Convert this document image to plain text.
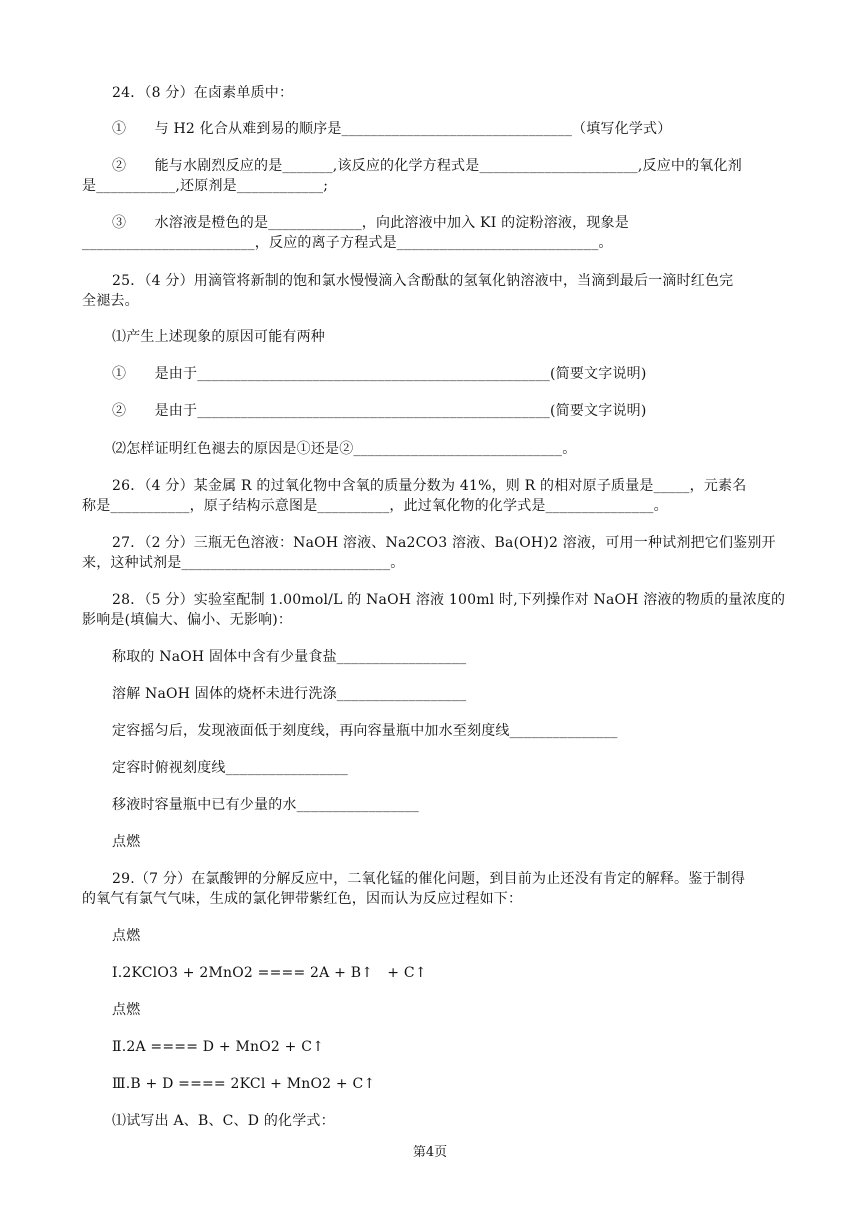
24．（8 分）在卤素单质中：
①　　与 H2 化合从难到易的顺序是________________________________（填写化学式）
②　　能与水剧烈反应的是_______,该反应的化学方程式是______________________,反应中的氧化剂
是___________,还原剂是____________;
③　　水溶液是橙色的是_____________，向此溶液中加入 KI 的淀粉溶液，现象是
________________________，反应的离子方程式是____________________________。
25．（4 分）用滴管将新制的饱和氯水慢慢滴入含酚酞的氢氧化钠溶液中，当滴到最后一滴时红色完
全褪去。
⑴产生上述现象的原因可能有两种
①　　是由于_________________________________________________(简要文字说明)
②　　是由于_________________________________________________(简要文字说明)
⑵怎样证明红色褪去的原因是①还是②_____________________________。
26．（4 分）某金属 R 的过氧化物中含氧的质量分数为 41%，则 R 的相对原子质量是_____，元素名
称是___________，原子结构示意图是__________，此过氧化物的化学式是_______________。
27．（2 分）三瓶无色溶液：NaOH 溶液、Na2CO3 溶液、Ba(OH)2 溶液，可用一种试剂把它们鉴别开
来，这种试剂是_____________________________。
28．（5 分）实验室配制 1.00mol/L 的 NaOH 溶液 100ml 时,下列操作对 NaOH 溶液的物质的量浓度的
影响是(填偏大、偏小、无影响)：
称取的 NaOH 固体中含有少量食盐__________________
溶解 NaOH 固体的烧杯未进行洗涤__________________
定容摇匀后，发现液面低于刻度线，再向容量瓶中加水至刻度线_______________
定容时俯视刻度线_________________
移液时容量瓶中已有少量的水_________________
点燃
29.（7 分）在氯酸钾的分解反应中，二氧化锰的催化问题，到目前为止还没有肯定的解释。鉴于制得
的氧气有氯气气味，生成的氯化钾带紫红色，因而认为反应过程如下：
点燃
Ⅰ.2KClO3 + 2MnO2 ==== 2A + B↑　+ C↑
点燃
Ⅱ.2A ==== D + MnO2 + C↑
Ⅲ.B + D ==== 2KCl + MnO2 + C↑
⑴试写出 A、B、C、D 的化学式：
第4页
